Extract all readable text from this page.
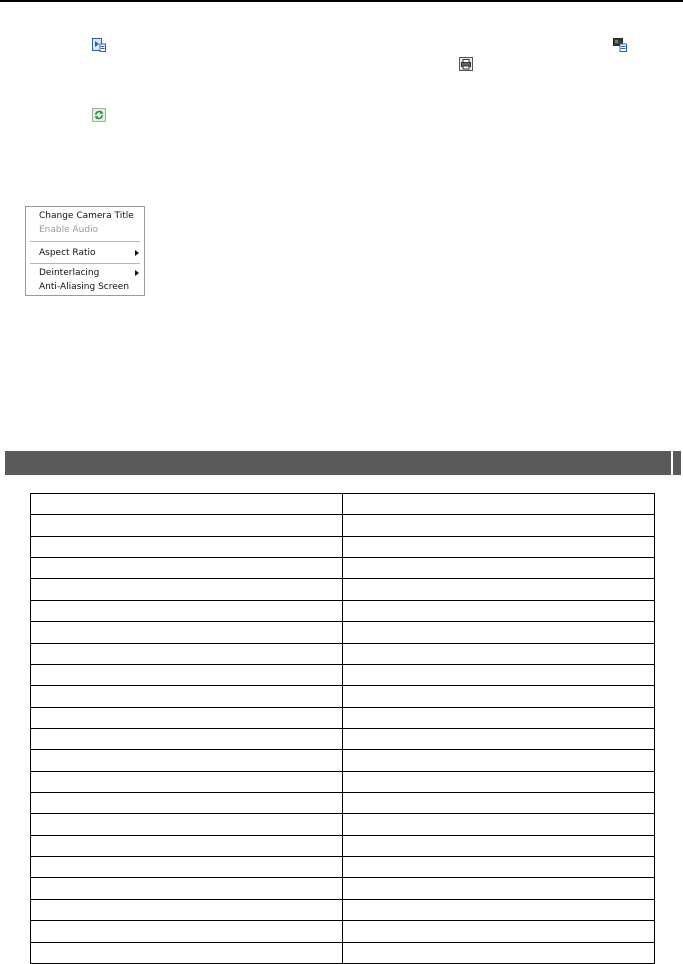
Change Camera Title
Enable Audio
Aspect Ratio
Deinterlacing
Anti-Aliasing Screen
